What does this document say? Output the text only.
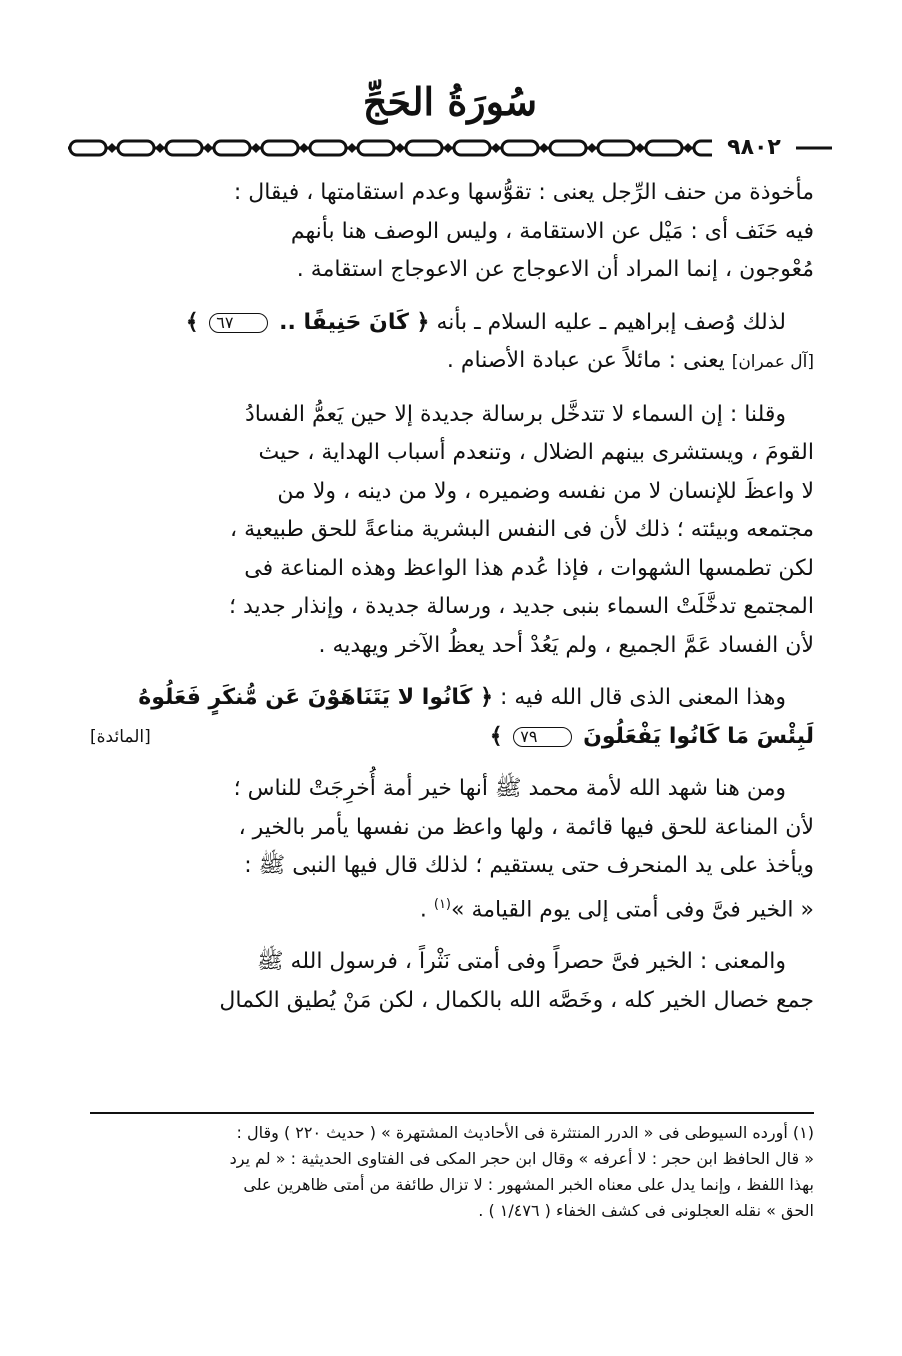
سُورَةُ الحَجِّ
٩٨٠٢

مأخوذة من حنف الرِّجل يعنى : تقوُّسها وعدم استقامتها ، فيقال :
فيه حَنَف أى : مَيْل عن الاستقامة ، وليس الوصف هنا بأنهم
مُعْوجون ، إنما المراد أن الاعوجاج عن الاعوجاج استقامة .

لذلك وُصف إبراهيم ـ عليه السلام ـ بأنه ﴿ كَانَ حَنِيفًا .. ٦٧ ﴾
[آل عمران] يعنى : مائلاً عن عبادة الأصنام .

وقلنا : إن السماء لا تتدخَّل برسالة جديدة إلا حين يَعمُّ الفسادُ
القومَ ، ويستشرى بينهم الضلال ، وتنعدم أسباب الهداية ، حيث
لا واعظَ للإنسان لا من نفسه وضميره ، ولا من دينه ، ولا من
مجتمعه وبيئته ؛ ذلك لأن فى النفس البشرية مناعةً للحق طبيعية ،
لكن تطمسها الشهوات ، فإذا عُدم هذا الواعظ وهذه المناعة فى
المجتمع تدخَّلَتْ السماء بنبى جديد ، ورسالة جديدة ، وإنذار جديد ؛
لأن الفساد عَمَّ الجميع ، ولم يَعُدْ أحد يعظُ الآخر ويهديه .

وهذا المعنى الذى قال الله فيه : ﴿ كَانُوا لا يَتَنَاهَوْنَ عَن مُّنكَرٍ فَعَلُوهُ
لَبِئْسَ مَا كَانُوا يَفْعَلُونَ ٧٩ ﴾
[المائدة]

ومن هنا شهد الله لأمة محمد ﷺ أنها خير أمة أُخرِجَتْ للناس ؛
لأن المناعة للحق فيها قائمة ، ولها واعظ من نفسها يأمر بالخير ،
ويأخذ على يد المنحرف حتى يستقيم ؛ لذلك قال فيها النبى ﷺ :
« الخير فىَّ وفى أمتى إلى يوم القيامة »$^{(١)}$ .

والمعنى : الخير فىَّ حصراً وفى أمتى نَثْراً ، فرسول الله ﷺ
جمع خصال الخير كله ، وخَصَّه الله بالكمال ، لكن مَنْ يُطيق الكمال

(١) أورده السيوطى فى « الدرر المنتثرة فى الأحاديث المشتهرة » ( حديث ٢٢٠ ) وقال :

« قال الحافظ ابن حجر : لا أعرفه » وقال ابن حجر المكى فى الفتاوى الحديثية : « لم يرد

بهذا اللفظ ، وإنما يدل على معناه الخبر المشهور : لا تزال طائفة من أمتى ظاهرين على

الحق » نقله العجلونى فى كشف الخفاء ( ١/٤٧٦ ) .
